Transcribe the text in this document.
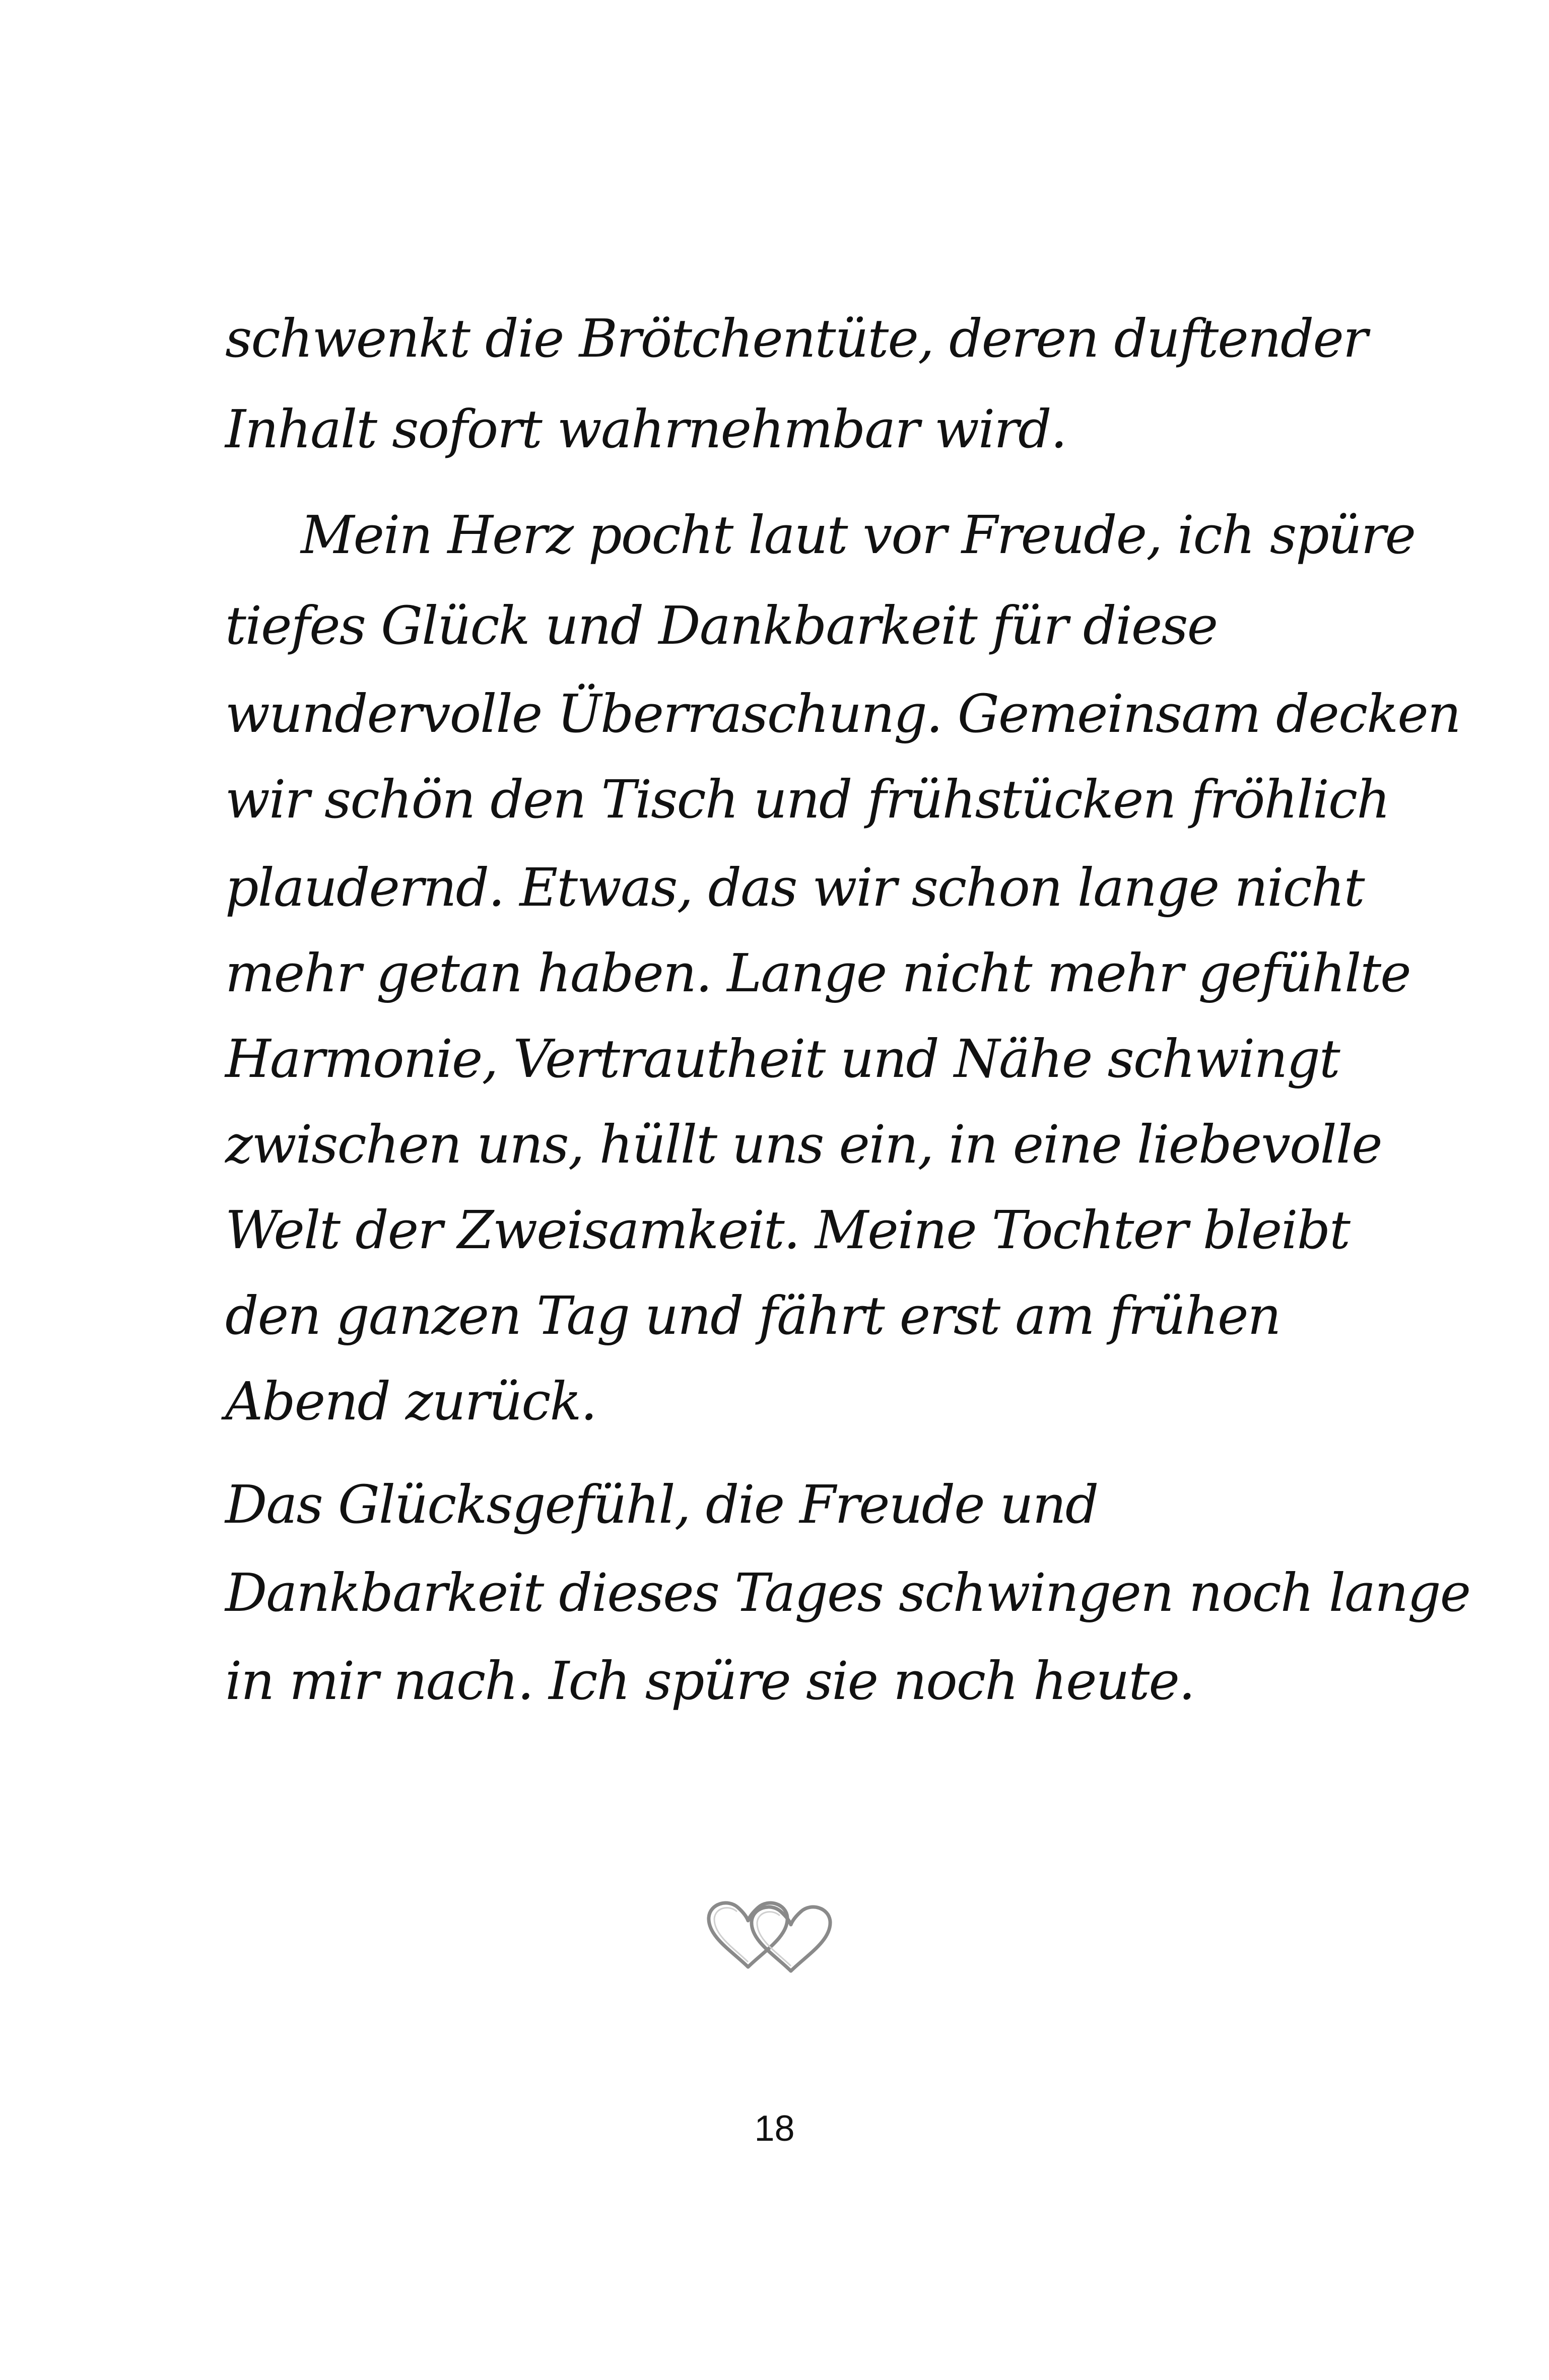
schwenkt die Brötchentüte, deren duftender

Inhalt sofort wahrnehmbar wird.

Mein Herz pocht laut vor Freude, ich spüre

tiefes Glück und Dankbarkeit für diese

wundervolle Überraschung. Gemeinsam decken

wir schön den Tisch und frühstücken fröhlich

plaudernd. Etwas, das wir schon lange nicht

mehr getan haben. Lange nicht mehr gefühlte

Harmonie, Vertrautheit und Nähe schwingt

zwischen uns, hüllt uns ein, in eine liebevolle

Welt der Zweisamkeit. Meine Tochter bleibt

den ganzen Tag und fährt erst am frühen

Abend zurück.

Das Glücksgefühl, die Freude und

Dankbarkeit dieses Tages schwingen noch lange

in mir nach. Ich spüre sie noch heute.

18
